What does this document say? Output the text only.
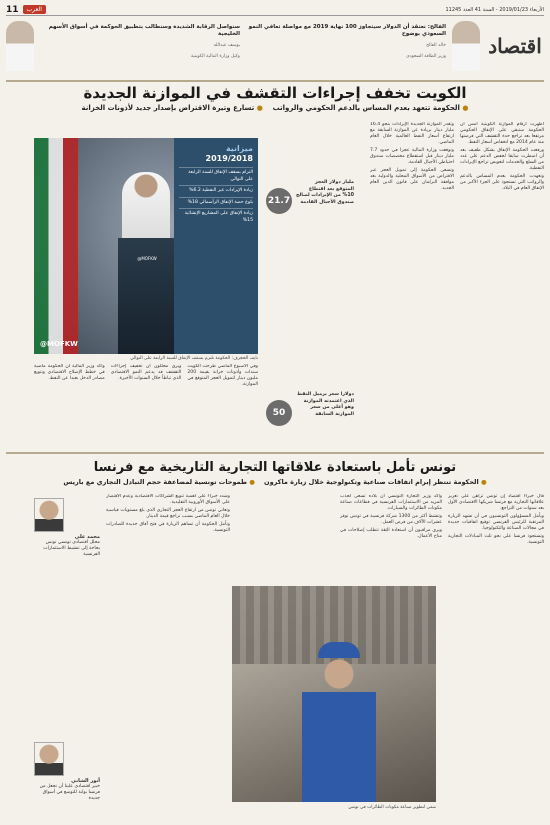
11	العرب	الأربعاء 2019/01/23 - السنة 41 العدد 11245
اقتصاد
الفالح: نعتقد أن الدولار سيتجاوز 100 نهاية 2019 مع مواصلة تعافي النمو السعودي بوضوح
خالد الفالح
وزير الطاقة السعودي
سنواصل الرقابة الشديدة وسنطالب بتطبيق الحوكمة في أسواق الأسهم الخليجية
يوسف عبدالله
وكيل وزارة المالية الكويتية
الكويت تخفف إجراءات التقشف في الموازنة الجديدة
● الحكومة تتعهد بعدم المساس بالدعم الحكومي والرواتب    ● تسارع وتيرة الاقتراض بإصدار جديد لأذونات الخزانة

أظهرت أرقام الموازنة الكويتية أمس أن الحكومة ستبقي على الإنفاق الحكومي مرتفعا بعد تراجع حدة التقشف التي فرضتها منذ عام 2014 مع انخفاض أسعار النفط.

ورفعت الحكومة الإنفاق بشكل طفيف بعد أن اضطرت سابقا لخفض الدعم على عدد من السلع والخدمات لتعويض تراجع الإيرادات النفطية.

وتعهدت الحكومة بعدم المساس بالدعم والرواتب التي تستحوذ على الجزء الأكبر من الإنفاق العام في البلاد.

وتقدر الموازنة الجديدة الإيرادات بنحو 16.4 مليار دينار بزيادة عن الموازنة السابقة مع ارتفاع أسعار النفط العالمية خلال العام الماضي.

وتوقعت وزارة المالية عجزا في حدود 7.7 مليار دينار قبل استقطاع مخصصات صندوق احتياطي الأجيال القادمة.

وتسعى الحكومة إلى تمويل العجز عبر الاقتراض من الأسواق المحلية والدولية بعد موافقة البرلمان على قانون الدين العام الجديد.

وفي الأسبوع الماضي طرحت الكويت سندات وأذونات خزانة بقيمة 200 مليون دينار لتمويل العجز المتوقع في الموازنة.

ويرى محللون أن تخفيف إجراءات التقشف قد يدعم النمو الاقتصادي الذي تباطأ خلال السنوات الأخيرة.

وأكد وزير المالية أن الحكومة ماضية في خطط الإصلاح الاقتصادي وتنويع مصادر الدخل بعيدا عن النفط.

21.7
مليار دولار العجز المتوقع بعد اقتطاع 10% من الإيرادات لصالح صندوق الأجيال القادمة
50
دولارا سعر برميل النفط الذي اعتمدته الموازنة وهو أعلى من سعر الموازنة السابقة
@MOFKW
ميزانية
2019/2018
التزام بسقف الإنفاق للسنة الرابعة على التوالي
زيادة الإيرادات غير النفطية 6.2%
بلوغ حصة الإنفاق الرأسمالي 18%
زيادة الإنفاق على المشاريع الإنشائية 15%
@MOFKW
نايف الحجرف: الحكومة تلتزم بسقف الإنفاق للسنة الرابعة على التوالي
تونس تأمل باستعادة علاقاتها التجارية التاريخية مع فرنسا
● الحكومة تنتظر إبرام اتفاقات صناعية وتكنولوجية خلال زيارة ماكرون    ● طموحات تونسية لمضاعفة حجم التبادل التجاري مع باريس

قال خبراء اقتصاد إن تونس تراهن على تعزيز علاقاتها التجارية مع فرنسا شريكها الاقتصادي الأول بعد سنوات من التراجع.

ويأمل المسؤولون التونسيون في أن تشهد الزيارة المرتقبة للرئيس الفرنسي توقيع اتفاقيات جديدة في مجالات الصناعة والتكنولوجيا.

وتستحوذ فرنسا على نحو ثلث المبادلات التجارية التونسية.

وأكد وزير التجارة التونسي أن بلاده تسعى لجذب المزيد من الاستثمارات الفرنسية في قطاعات صناعة مكونات الطائرات والسيارات.

وتنشط أكثر من 1300 شركة فرنسية في تونس توفر عشرات الآلاف من فرص العمل.

ويرى مراقبون أن استعادة الثقة تتطلب إصلاحات في مناخ الأعمال.

وشدد خبراء على أهمية تنويع الشراكات الاقتصادية وعدم الاقتصار على الأسواق الأوروبية التقليدية.

وتعاني تونس من ارتفاع العجز التجاري الذي بلغ مستويات قياسية خلال العام الماضي بسبب تراجع قيمة الدينار.

وتأمل الحكومة أن تساهم الزيارة في فتح آفاق جديدة للصادرات التونسية.

محمد علي
محلل اقتصادي تونسي تونس بحاجة إلى تنشيط الاستثمارات الفرنسية
أنور الشابي
خبير اقتصادي علينا أن نجعل من فرنسا بوابة للتوسع في أسواق جديدة
سعي لتطوير صناعة مكونات الطائرات في تونس
